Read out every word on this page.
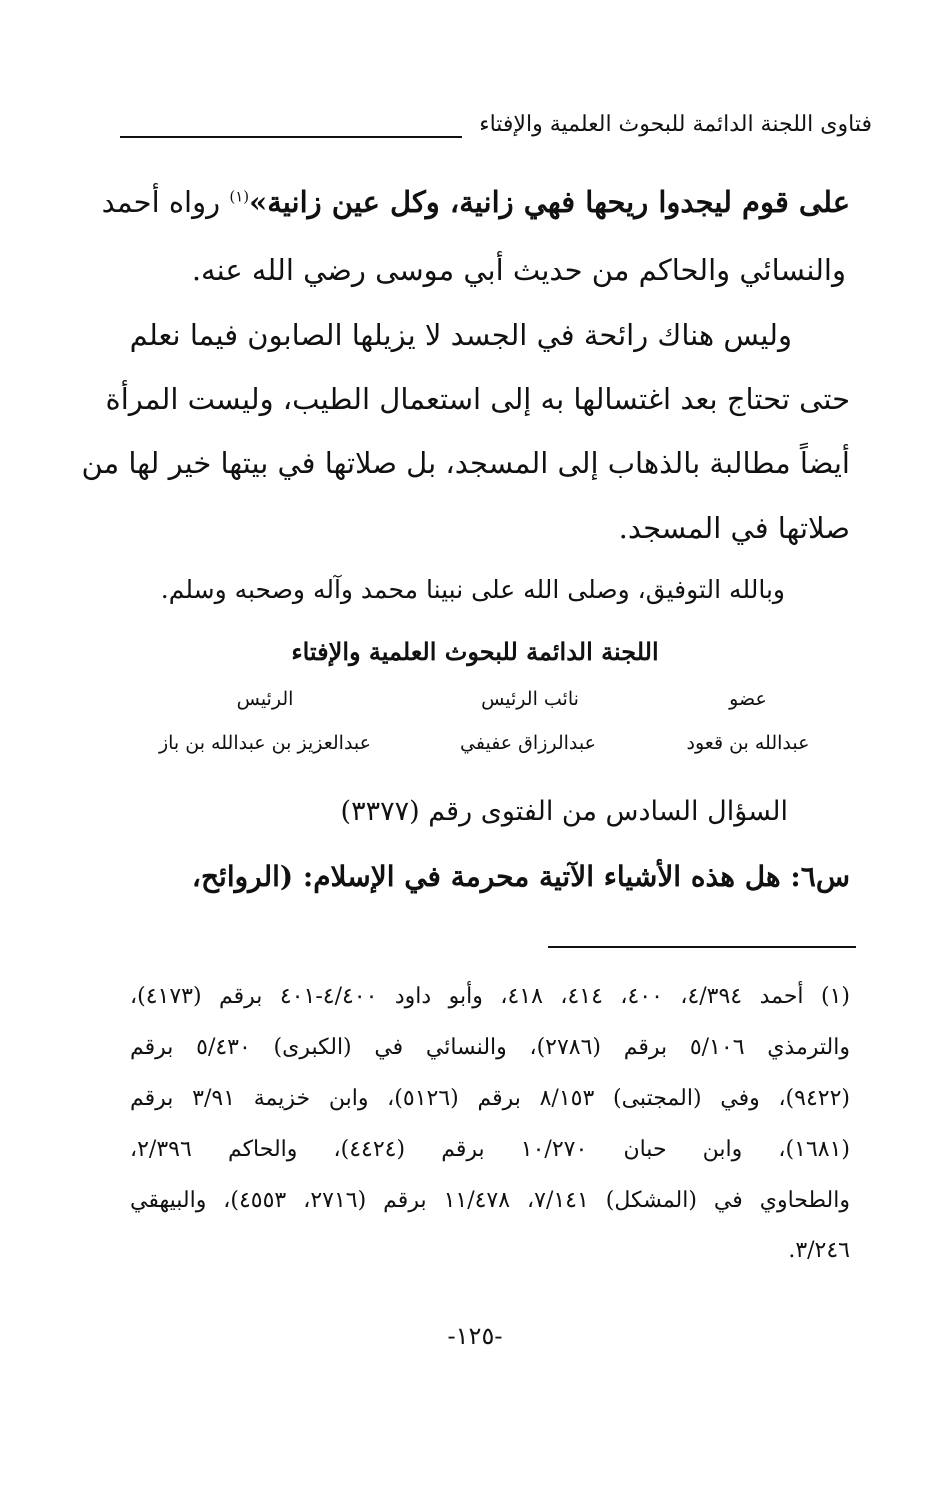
فتاوى اللجنة الدائمة للبحوث العلمية والإفتاء
على قوم ليجدوا ريحها فهي زانية، وكل عين زانية»$^{(١)}$ رواه أحمد
والنسائي والحاكم من حديث أبي موسى رضي الله عنه.
وليس هناك رائحة في الجسد لا يزيلها الصابون فيما نعلم
حتى تحتاج بعد اغتسالها به إلى استعمال الطيب، وليست المرأة
أيضاً مطالبة بالذهاب إلى المسجد، بل صلاتها في بيتها خير لها من
صلاتها في المسجد.
وبالله التوفيق، وصلى الله على نبينا محمد وآله وصحبه وسلم.
اللجنة الدائمة للبحوث العلمية والإفتاء
عضو
نائب الرئيس
الرئيس
عبدالله بن قعود
عبدالرزاق عفيفي
عبدالعزيز بن عبدالله بن باز
السؤال السادس من الفتوى رقم (٣٣٧٧)
س٦: هل هذه الأشياء الآتية محرمة في الإسلام: (الروائح،
(١) أحمد ٤/٣٩٤، ٤٠٠، ٤١٤، ٤١٨، وأبو داود ٤/٤٠٠-٤٠١ برقم (٤١٧٣)،
والترمذي ٥/١٠٦ برقم (٢٧٨٦)، والنسائي في (الكبرى) ٥/٤٣٠ برقم
(٩٤٢٢)، وفي (المجتبى) ٨/١٥٣ برقم (٥١٢٦)، وابن خزيمة ٣/٩١ برقم
(١٦٨١)، وابن حبان ١٠/٢٧٠ برقم (٤٤٢٤)، والحاكم ٢/٣٩٦،
والطحاوي في (المشكل) ٧/١٤١، ١١/٤٧٨ برقم (٢٧١٦، ٤٥٥٣)، والبيهقي
٣/٢٤٦.
-١٢٥-
